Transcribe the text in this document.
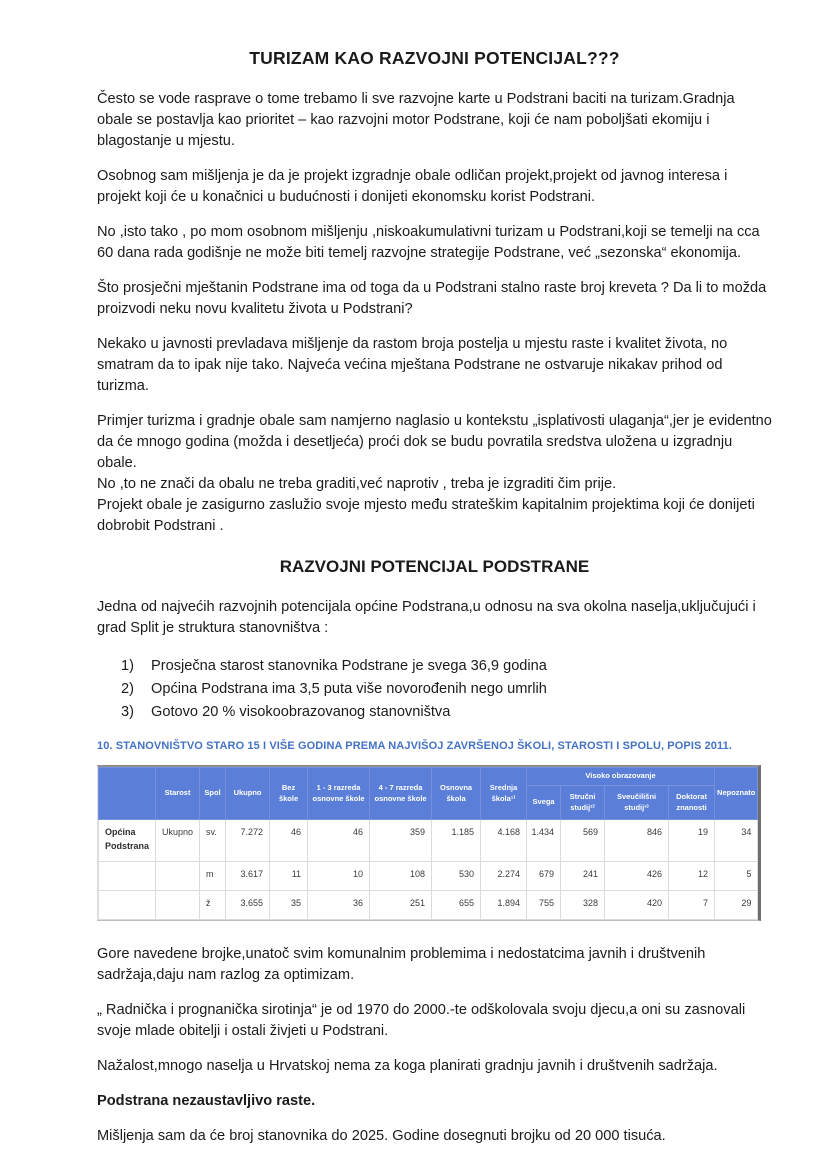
TURIZAM KAO RAZVOJNI POTENCIJAL???

Često se vode rasprave o tome trebamo li sve razvojne karte u Podstrani baciti na turizam.Gradnja obale se postavlja kao prioritet – kao razvojni motor Podstrane, koji će nam poboljšati ekomiju i blagostanje u mjestu.

Osobnog sam mišljenja je da je projekt izgradnje obale odličan projekt,projekt od javnog interesa i projekt koji će u konačnici u budućnosti i donijeti ekonomsku korist Podstrani.

No ,isto tako , po mom osobnom mišljenju ,niskoakumulativni turizam u Podstrani,koji se temelji na cca 60 dana rada godišnje ne može biti temelj razvojne strategije Podstrane, već „sezonska“ ekonomija.

Što prosječni mještanin Podstrane ima od toga da u Podstrani stalno raste broj kreveta ? Da li to možda proizvodi neku novu kvalitetu života u Podstrani?

Nekako u javnosti prevladava mišljenje da rastom broja postelja u mjestu raste i kvalitet života, no smatram da to ipak nije tako. Najveća većina mještana Podstrane ne ostvaruje nikakav prihod od turizma.

Primjer turizma i gradnje obale sam namjerno naglasio u kontekstu „isplativosti ulaganja“,jer je evidentno da će mnogo godina (možda i desetljeća) proći dok se budu povratila sredstva uložena u izgradnju obale.

No ,to ne znači da obalu ne treba graditi,već naprotiv , treba je izgraditi čim prije.

Projekt obale je zasigurno zaslužio svoje mjesto među strateškim kapitalnim projektima koji će donijeti dobrobit Podstrani .

RAZVOJNI POTENCIJAL PODSTRANE

Jedna od najvećih razvojnih potencijala općine Podstrana,u odnosu na sva okolna naselja,uključujući i grad Split je struktura stanovništva :

1)	Prosječna starost stanovnika Podstrane je svega 36,9 godina
2)	Općina Podstrana ima 3,5 puta više novorođenih nego umrlih
3)	Gotovo 20 % visokoobrazovanog stanovništva
10. STANOVNIŠTVO STARO 15 I VIŠE GODINA PREMA NAJVIŠOJ ZAVRŠENOJ ŠKOLI, STAROSTI I SPOLU, POPIS 2011.
	Starost	Spol	Ukupno	Bez škole	1 - 3 razreda osnovne škole	4 - 7 razreda osnovne škole	Osnovna škola	Srednja škola¹⁾	Visoko obrazovanje				Nepoznato
									Svega	Stručni studij²⁾	Sveučilišni studij³⁾	Doktorat znanosti	
Općina Podstrana	Ukupno	sv.	7.272	46	46	359	1.185	4.168	1.434	569	846	19	34
		m	3.617	11	10	108	530	2.274	679	241	426	12	5
		ž	3.655	35	36	251	655	1.894	755	328	420	7	29

Gore navedene brojke,unatoč svim komunalnim problemima i nedostatcima javnih i društvenih sadržaja,daju nam razlog za optimizam.

„ Radnička i prognanička sirotinja“ je od 1970 do 2000.-te odškolovala svoju djecu,a oni su zasnovali svoje mlade obitelji i ostali živjeti u Podstrani.

Nažalost,mnogo naselja u Hrvatskoj nema za koga planirati gradnju javnih i društvenih sadržaja.

Podstrana nezaustavljivo raste.

Mišljenja sam da će broj stanovnika do 2025. Godine dosegnuti brojku od 20 000 tisuća.
